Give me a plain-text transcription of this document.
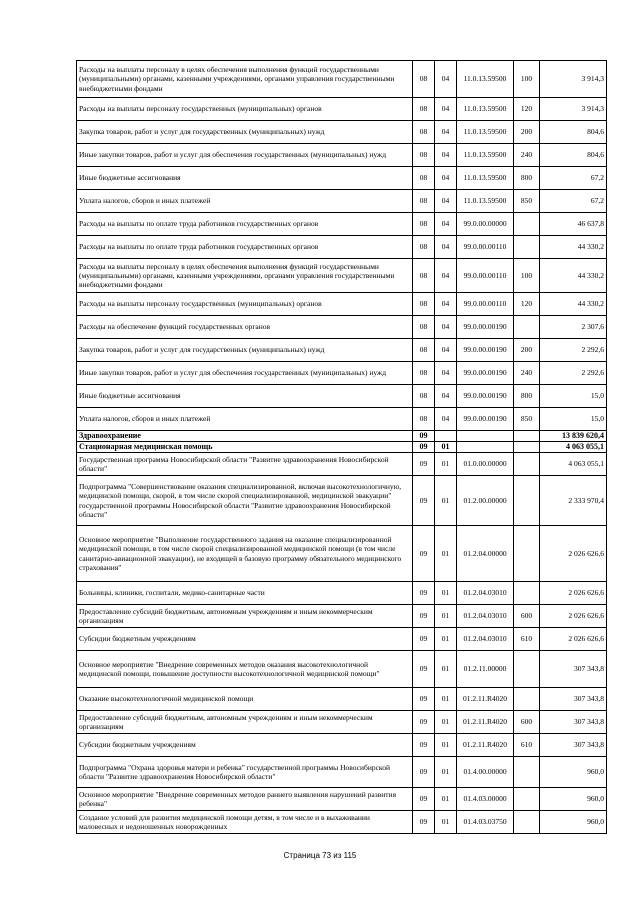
Расходы на выплаты персоналу в целях обеспечения выполнения функций государственными (муниципальными) органами, казенными учреждениями, органами управления государственными внебюджетными фондами	08	04	11.0.13.59500	100	3 914,3
Расходы на выплаты персоналу государственных (муниципальных) органов	08	04	11.0.13.59500	120	3 914,3
Закупка товаров, работ и услуг для государственных (муниципальных) нужд	08	04	11.0.13.59500	200	804,6
Иные закупки товаров, работ и услуг для обеспечения государственных (муниципальных) нужд	08	04	11.0.13.59500	240	804,6
Иные бюджетные ассигнования	08	04	11.0.13.59500	800	67,2
Уплата налогов, сборов и иных платежей	08	04	11.0.13.59500	850	67,2
Расходы на выплаты по оплате труда работников государственных органов	08	04	99.0.00.00000		46 637,8
Расходы на выплаты по оплате труда работников государственных органов	08	04	99.0.00.00110		44 330,2
Расходы на выплаты персоналу в целях обеспечения выполнения функций государственными (муниципальными) органами, казенными учреждениями, органами управления государственными внебюджетными фондами	08	04	99.0.00.00110	100	44 330,2
Расходы на выплаты персоналу государственных (муниципальных) органов	08	04	99.0.00.00110	120	44 330,2
Расходы на обеспечение функций государственных органов	08	04	99.0.00.00190		2 307,6
Закупка товаров, работ и услуг для государственных (муниципальных) нужд	08	04	99.0.00.00190	200	2 292,6
Иные закупки товаров, работ и услуг для обеспечения государственных (муниципальных) нужд	08	04	99.0.00.00190	240	2 292,6
Иные бюджетные ассигнования	08	04	99.0.00.00190	800	15,0
Уплата налогов, сборов и иных платежей	08	04	99.0.00.00190	850	15,0
Здравоохранение	09				13 839 620,4
Стационарная медицинская помощь	09	01			4 063 055,1
Государственная программа Новосибирской области "Развитие здравоохранения Новосибирской области"	09	01	01.0.00.00000		4 063 055,1
Подпрограмма "Совершенствование оказания специализированной, включая высокотехнологичную, медицинской помощи, скорой, в том числе скорой специализированной, медицинской эвакуации" государственной программы Новосибирской области "Развитие здравоохранения Новосибирской области"	09	01	01.2.00.00000		2 333 970,4
Основное мероприятие "Выполнение государственного задания на оказание специализированной медицинской помощи, в том числе скорой специализированной медицинской помощи (в том числе санитарно-авиационной эвакуации), не входящей в базовую программу обязательного медицинского страхования"	09	01	01.2.04.00000		2 026 626,6
Больницы, клиники, госпитали, медико-санитарные части	09	01	01.2.04.03010		2 026 626,6
Предоставление субсидий бюджетным, автономным учреждениям и иным некоммерческим организациям	09	01	01.2.04.03010	600	2 026 626,6
Субсидии бюджетным учреждениям	09	01	01.2.04.03010	610	2 026 626,6
Основное мероприятие "Внедрение современных методов оказания высокотехнологичной медицинской помощи, повышение доступности высокотехнологичной медицинской помощи"	09	01	01.2.11.00000		307 343,8
Оказание высокотехнологичной медицинской помощи	09	01	01.2.11.R4020		307 343,8
Предоставление субсидий бюджетным, автономным учреждениям и иным некоммерческим организациям	09	01	01.2.11.R4020	600	307 343,8
Субсидии бюджетным учреждениям	09	01	01.2.11.R4020	610	307 343,8
Подпрограмма "Охрана здоровья матери и ребенка" государственной программы Новосибирской области "Развитие здравоохранения Новосибирской области"	09	01	01.4.00.00000		960,0
Основное мероприятие "Внедрение современных методов раннего выявления нарушений развития ребенка"	09	01	01.4.03.00000		960,0
Создание условий для развития медицинской помощи детям, в том числе и в выхаживании маловесных и недоношенных новорожденных	09	01	01.4.03.03750		960,0
Страница 73 из 115
